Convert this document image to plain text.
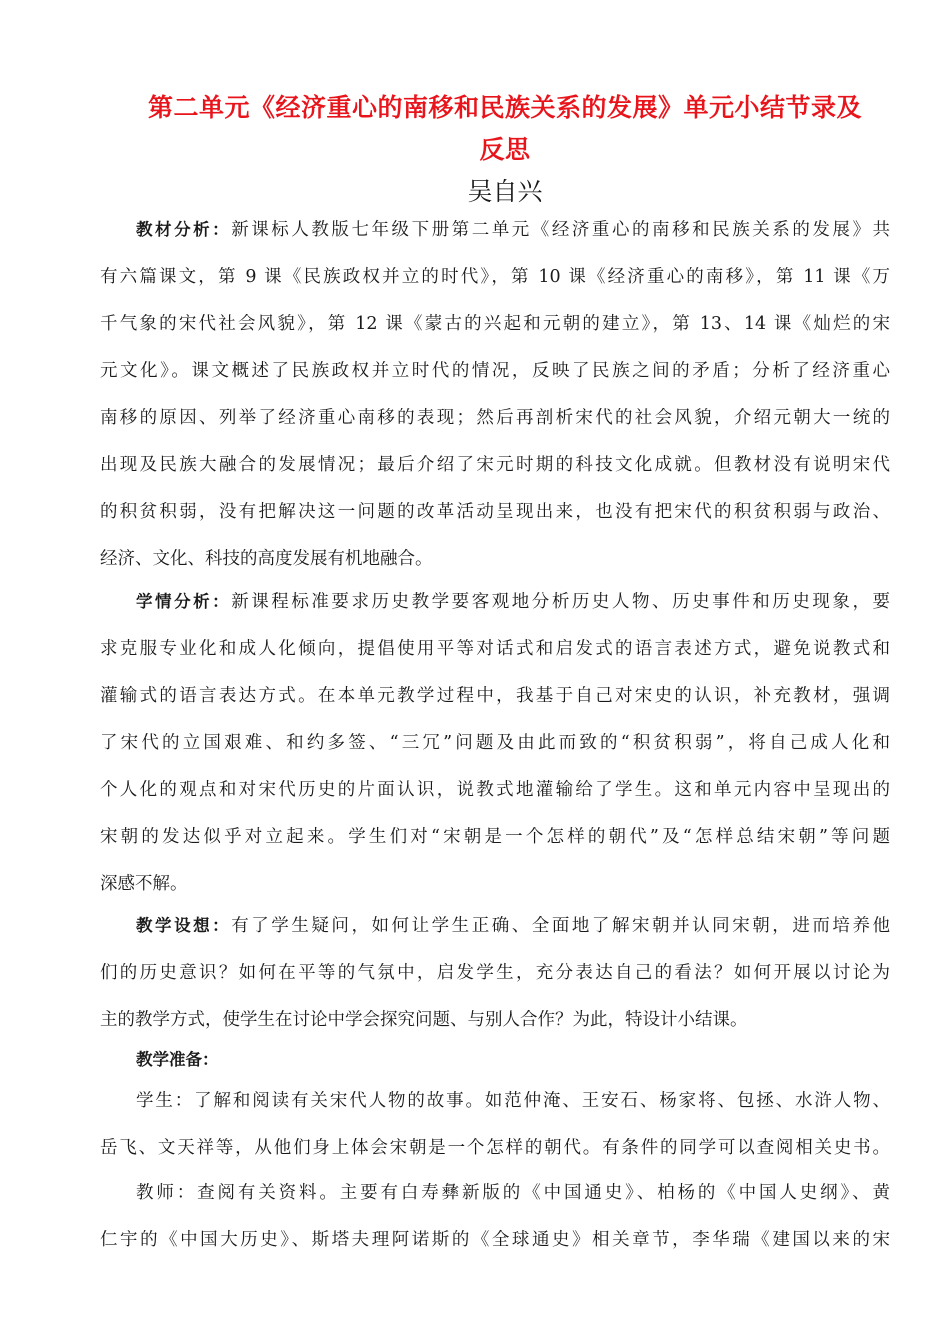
第二单元《经济重心的南移和民族关系的发展》单元小结节录及
反思
吴自兴
教材分析：新课标人教版七年级下册第二单元《经济重心的南移和民族关系的发展》共
有六篇课文，第 9 课《民族政权并立的时代》，第 10 课《经济重心的南移》，第 11 课《万
千气象的宋代社会风貌》，第 12 课《蒙古的兴起和元朝的建立》，第 13、14 课《灿烂的宋
元文化》。课文概述了民族政权并立时代的情况，反映了民族之间的矛盾；分析了经济重心
南移的原因、列举了经济重心南移的表现；然后再剖析宋代的社会风貌，介绍元朝大一统的
出现及民族大融合的发展情况；最后介绍了宋元时期的科技文化成就。但教材没有说明宋代
的积贫积弱，没有把解决这一问题的改革活动呈现出来，也没有把宋代的积贫积弱与政治、
经济、文化、科技的高度发展有机地融合。
学情分析：新课程标准要求历史教学要客观地分析历史人物、历史事件和历史现象，要
求克服专业化和成人化倾向，提倡使用平等对话式和启发式的语言表述方式，避免说教式和
灌输式的语言表达方式。在本单元教学过程中，我基于自己对宋史的认识，补充教材，强调
了宋代的立国艰难、和约多签、“三冗”问题及由此而致的“积贫积弱”，将自己成人化和
个人化的观点和对宋代历史的片面认识，说教式地灌输给了学生。这和单元内容中呈现出的
宋朝的发达似乎对立起来。学生们对“宋朝是一个怎样的朝代”及“怎样总结宋朝”等问题
深感不解。
教学设想：有了学生疑问，如何让学生正确、全面地了解宋朝并认同宋朝，进而培养他
们的历史意识？如何在平等的气氛中，启发学生，充分表达自己的看法？如何开展以讨论为
主的教学方式，使学生在讨论中学会探究问题、与别人合作？为此，特设计小结课。
教学准备：
学生：了解和阅读有关宋代人物的故事。如范仲淹、王安石、杨家将、包拯、水浒人物、
岳飞、文天祥等，从他们身上体会宋朝是一个怎样的朝代。有条件的同学可以查阅相关史书。
教师：查阅有关资料。主要有白寿彝新版的《中国通史》、柏杨的《中国人史纲》、黄
仁宇的《中国大历史》、斯塔夫理阿诺斯的《全球通史》相关章节，李华瑞《建国以来的宋
